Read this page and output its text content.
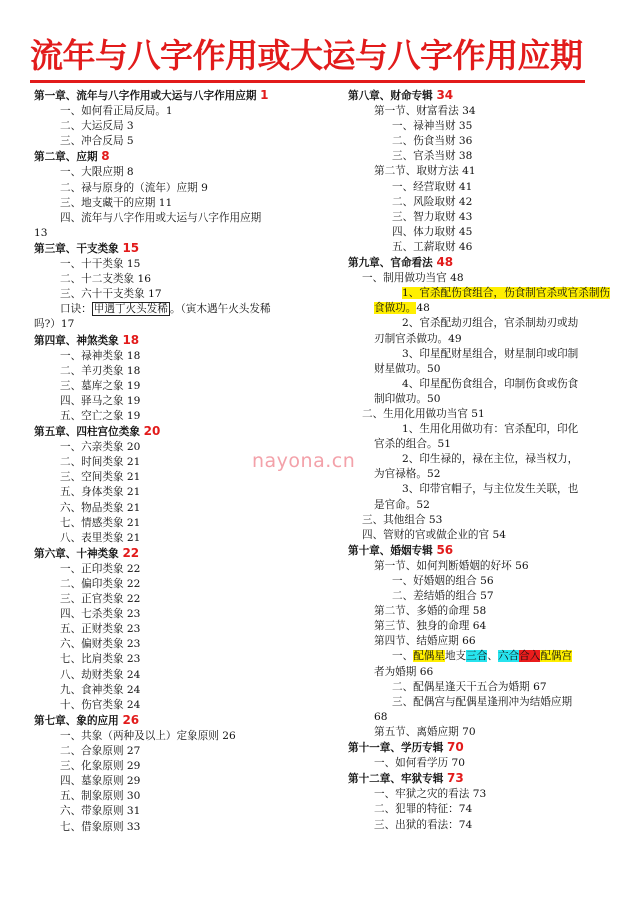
流年与八字作用或大运与八字作用应期
第一章、流年与八字作用或大运与八字作用应期 1
一、如何看正局反局。1
二、大运反局 3
三、冲合反局 5
第二章、应期 8
一、大限应期 8
二、禄与原身的（流年）应期 9
三、地支藏干的应期 11
四、流年与八字作用或大运与八字作用应期
13
第三章、干支类象 15
一、十干类象 15
二、十二支类象 16
三、六十干支类象 17
口诀： 甲遇丁火头发稀 。（寅木遇午火头发稀
吗?）17
第四章、神煞类象 18
一、禄神类象 18
二、羊刃类象 18
三、墓库之象 19
四、驿马之象 19
五、空亡之象 19
第五章、四柱宫位类象 20
一、六亲类象 20
二、时间类象 21
三、空间类象 21
五、身体类象 21
六、物品类象 21
七、情感类象 21
八、表里类象 21
第六章、十神类象 22
一、正印类象 22
二、偏印类象 22
三、正官类象 22
四、七杀类象 23
五、正财类象 23
六、偏财类象 23
七、比肩类象 23
八、劫财类象 24
九、食神类象 24
十、伤官类象 24
第七章、象的应用 26
一、共象（两种及以上）定象原则 26
二、合象原则 27
三、化象原则 29
四、墓象原则 29
五、制象原则 30
六、带象原则 31
七、借象原则 33
第八章、财命专辑 34
第一节、财富看法 34
一、禄神当财 35
二、伤食当财 36
三、官杀当财 38
第二节、取财方法 41
一、经营取财 41
二、风险取财 42
三、智力取财 43
四、体力取财 45
五、工薪取财 46
第九章、官命看法 48
一、制用做功当官 48
1、官杀配伤食组合，伤食制官杀或官杀制伤食做功。48
2、官杀配劫刃组合，官杀制劫刃或劫
刃制官杀做功。49
3、印星配财星组合，财星制印或印制
财星做功。50
4、印星配伤食组合，印制伤食或伤食
制印做功。50
二、生用化用做功当官 51
1、生用化用做功有：官杀配印，印化
官杀的组合。51
2、印生禄的，禄在主位，禄当权力，
为官禄格。52
3、印带官帽子，与主位发生关联，也
是官命。52
三、其他组合 53
四、管财的官或做企业的官 54
第十章、婚姻专辑 56
第一节、如何判断婚姻的好坏 56
一、好婚姻的组合 56
二、差结婚的组合 57
第二节、多婚的命理 58
第三节、独身的命理 64
第四节、结婚应期 66
一、配偶星地支三合、六合合入配偶宫
者为婚期 66
二、配偶星逢天干五合为婚期 67
三、配偶宫与配偶星逢刑冲为结婚应期
68
第五节、离婚应期 70
第十一章、学历专辑 70
一、如何看学历 70
第十二章、牢狱专辑 73
一、牢狱之灾的看法 73
二、犯罪的特征：74
三、出狱的看法：74
nayona.cn
